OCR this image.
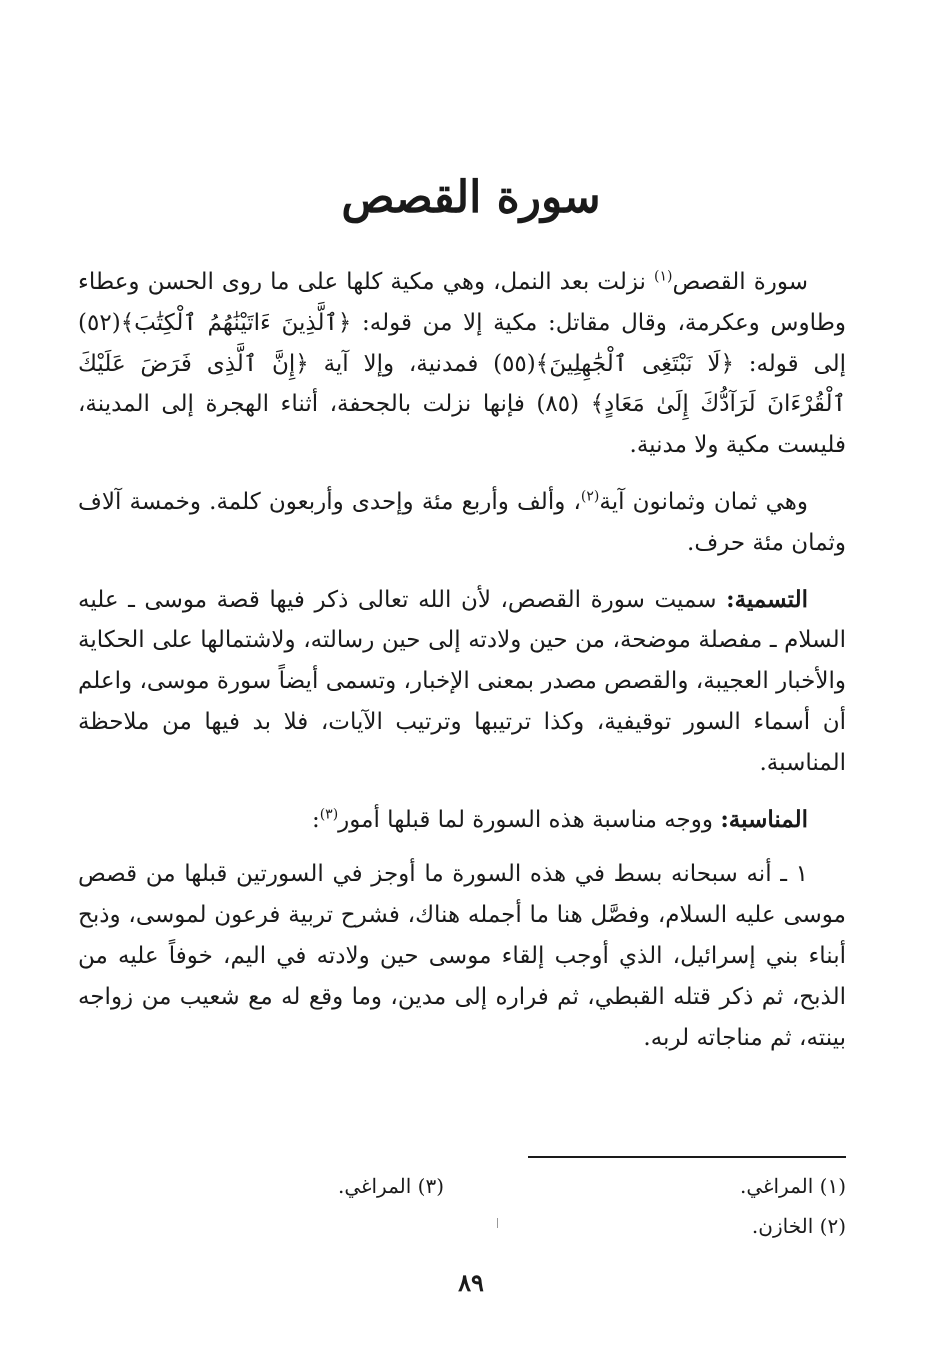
سورة القصص

سورة القصص$^{(١)}$ نزلت بعد النمل، وهي مكية كلها على ما روى الحسن وعطاء وطاوس وعكرمة، وقال مقاتل: مكية إلا من قوله: ﴿ٱلَّذِينَ ءَاتَيْنَٰهُمُ ٱلْكِتَٰبَ﴾(٥٢) إلى قوله: ﴿لَا نَبْتَغِى ٱلْجَٰهِلِينَ﴾(٥٥) فمدنية، وإلا آية ﴿إِنَّ ٱلَّذِى فَرَضَ عَلَيْكَ ٱلْقُرْءَانَ لَرَآدُّكَ إِلَىٰ مَعَادٍ﴾ (٨٥) فإنها نزلت بالجحفة، أثناء الهجرة إلى المدينة، فليست مكية ولا مدنية.

وهي ثمان وثمانون آية$^{(٢)}$، وألف وأربع مئة وإحدى وأربعون كلمة. وخمسة آلاف وثمان مئة حرف.

التسمية: سميت سورة القصص، لأن الله تعالى ذكر فيها قصة موسى ـ عليه السلام ـ مفصلة موضحة، من حين ولادته إلى حين رسالته، ولاشتمالها على الحكاية والأخبار العجيبة، والقصص مصدر بمعنى الإخبار، وتسمى أيضاً سورة موسى، واعلم أن أسماء السور توقيفية، وكذا ترتيبها وترتيب الآيات، فلا بد فيها من ملاحظة المناسبة.

المناسبة: ووجه مناسبة هذه السورة لما قبلها أمور$^{(٣)}$:

١ ـ أنه سبحانه بسط في هذه السورة ما أوجز في السورتين قبلها من قصص موسى عليه السلام، وفصَّل هنا ما أجمله هناك، فشرح تربية فرعون لموسى، وذبح أبناء بني إسرائيل، الذي أوجب إلقاء موسى حين ولادته في اليم، خوفاً عليه من الذبح، ثم ذكر قتله القبطي، ثم فراره إلى مدين، وما وقع له مع شعيب من زواجه بينته، ثم مناجاته لربه.

(١) المراغي.
(٢) الخازن.
(٣) المراغي.
٨٩
